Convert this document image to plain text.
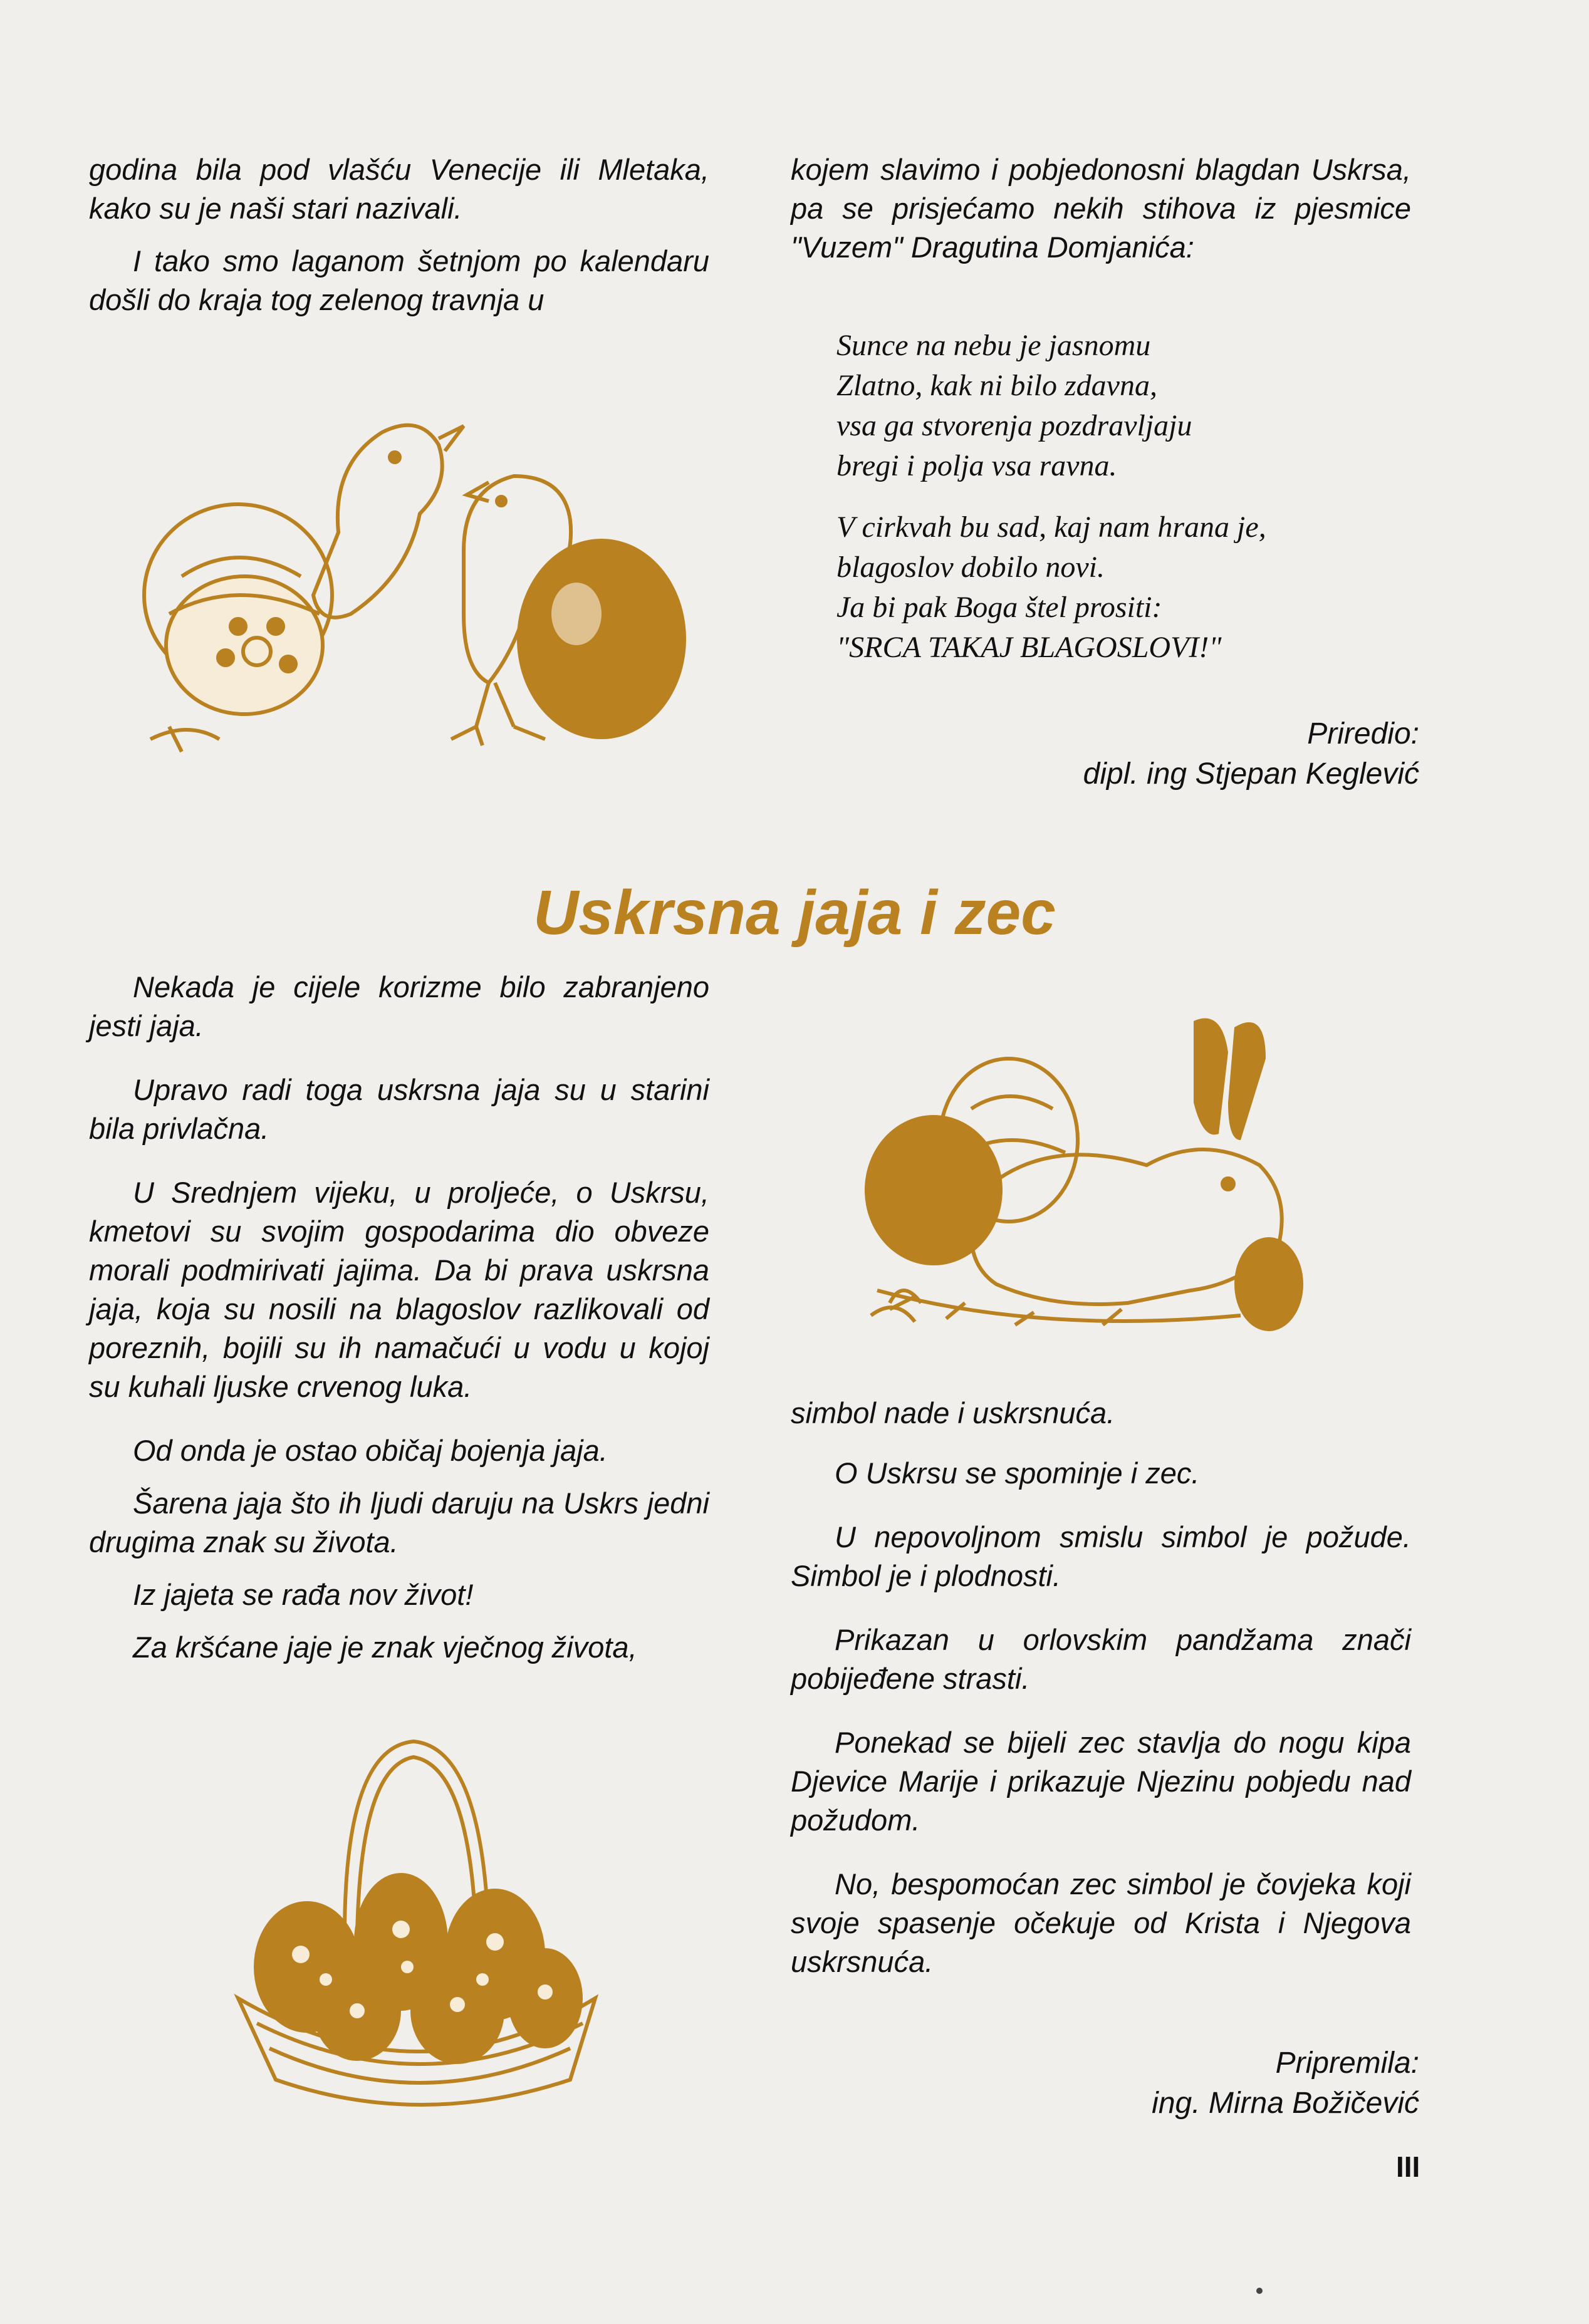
godina bila pod vlašću Venecije ili Mletaka, kako su je naši stari nazivali.

I tako smo laganom šetnjom po kalendaru došli do kraja tog zelenog travnja u

kojem slavimo i pobjedonosni blagdan Uskrsa, pa se prisjećamo nekih stihova iz pjesmice "Vuzem" Dragutina Domjanića:

Sunce na nebu je jasnomu
Zlatno, kak ni bilo zdavna,
vsa ga stvorenja pozdravljaju
bregi i polja vsa ravna.
V cirkvah bu sad, kaj nam hrana je,
blagoslov dobilo novi.
Ja bi pak Boga štel prositi:
"SRCA TAKAJ BLAGOSLOVI!"
Priredio:
dipl. ing Stjepan Keglević
Uskrsna jaja i zec

Nekada je cijele korizme bilo zabranjeno jesti jaja.

Upravo radi toga uskrsna jaja su u starini bila privlačna.

U Srednjem vijeku, u proljeće, o Uskrsu, kmetovi su svojim gospodarima dio obveze morali podmirivati jajima. Da bi prava uskrsna jaja, koja su nosili na blagoslov razlikovali od poreznih, bojili su ih namačući u vodu u kojoj su kuhali ljuske crvenog luka.

Od onda je ostao običaj bojenja jaja.

Šarena jaja što ih ljudi daruju na Uskrs jedni drugima znak su života.

Iz jajeta se rađa nov život!

Za kršćane jaje je znak vječnog života,

simbol nade i uskrsnuća.

O Uskrsu se spominje i zec.

U nepovoljnom smislu simbol je požude. Simbol je i plodnosti.

Prikazan u orlovskim pandžama znači pobijeđene strasti.

Ponekad se bijeli zec stavlja do nogu kipa Djevice Marije i prikazuje Njezinu pobjedu nad požudom.

No, bespomoćan zec simbol je čovjeka koji svoje spasenje očekuje od Krista i Njegova uskrsnuća.

Pripremila:
ing. Mirna Božičević
III
